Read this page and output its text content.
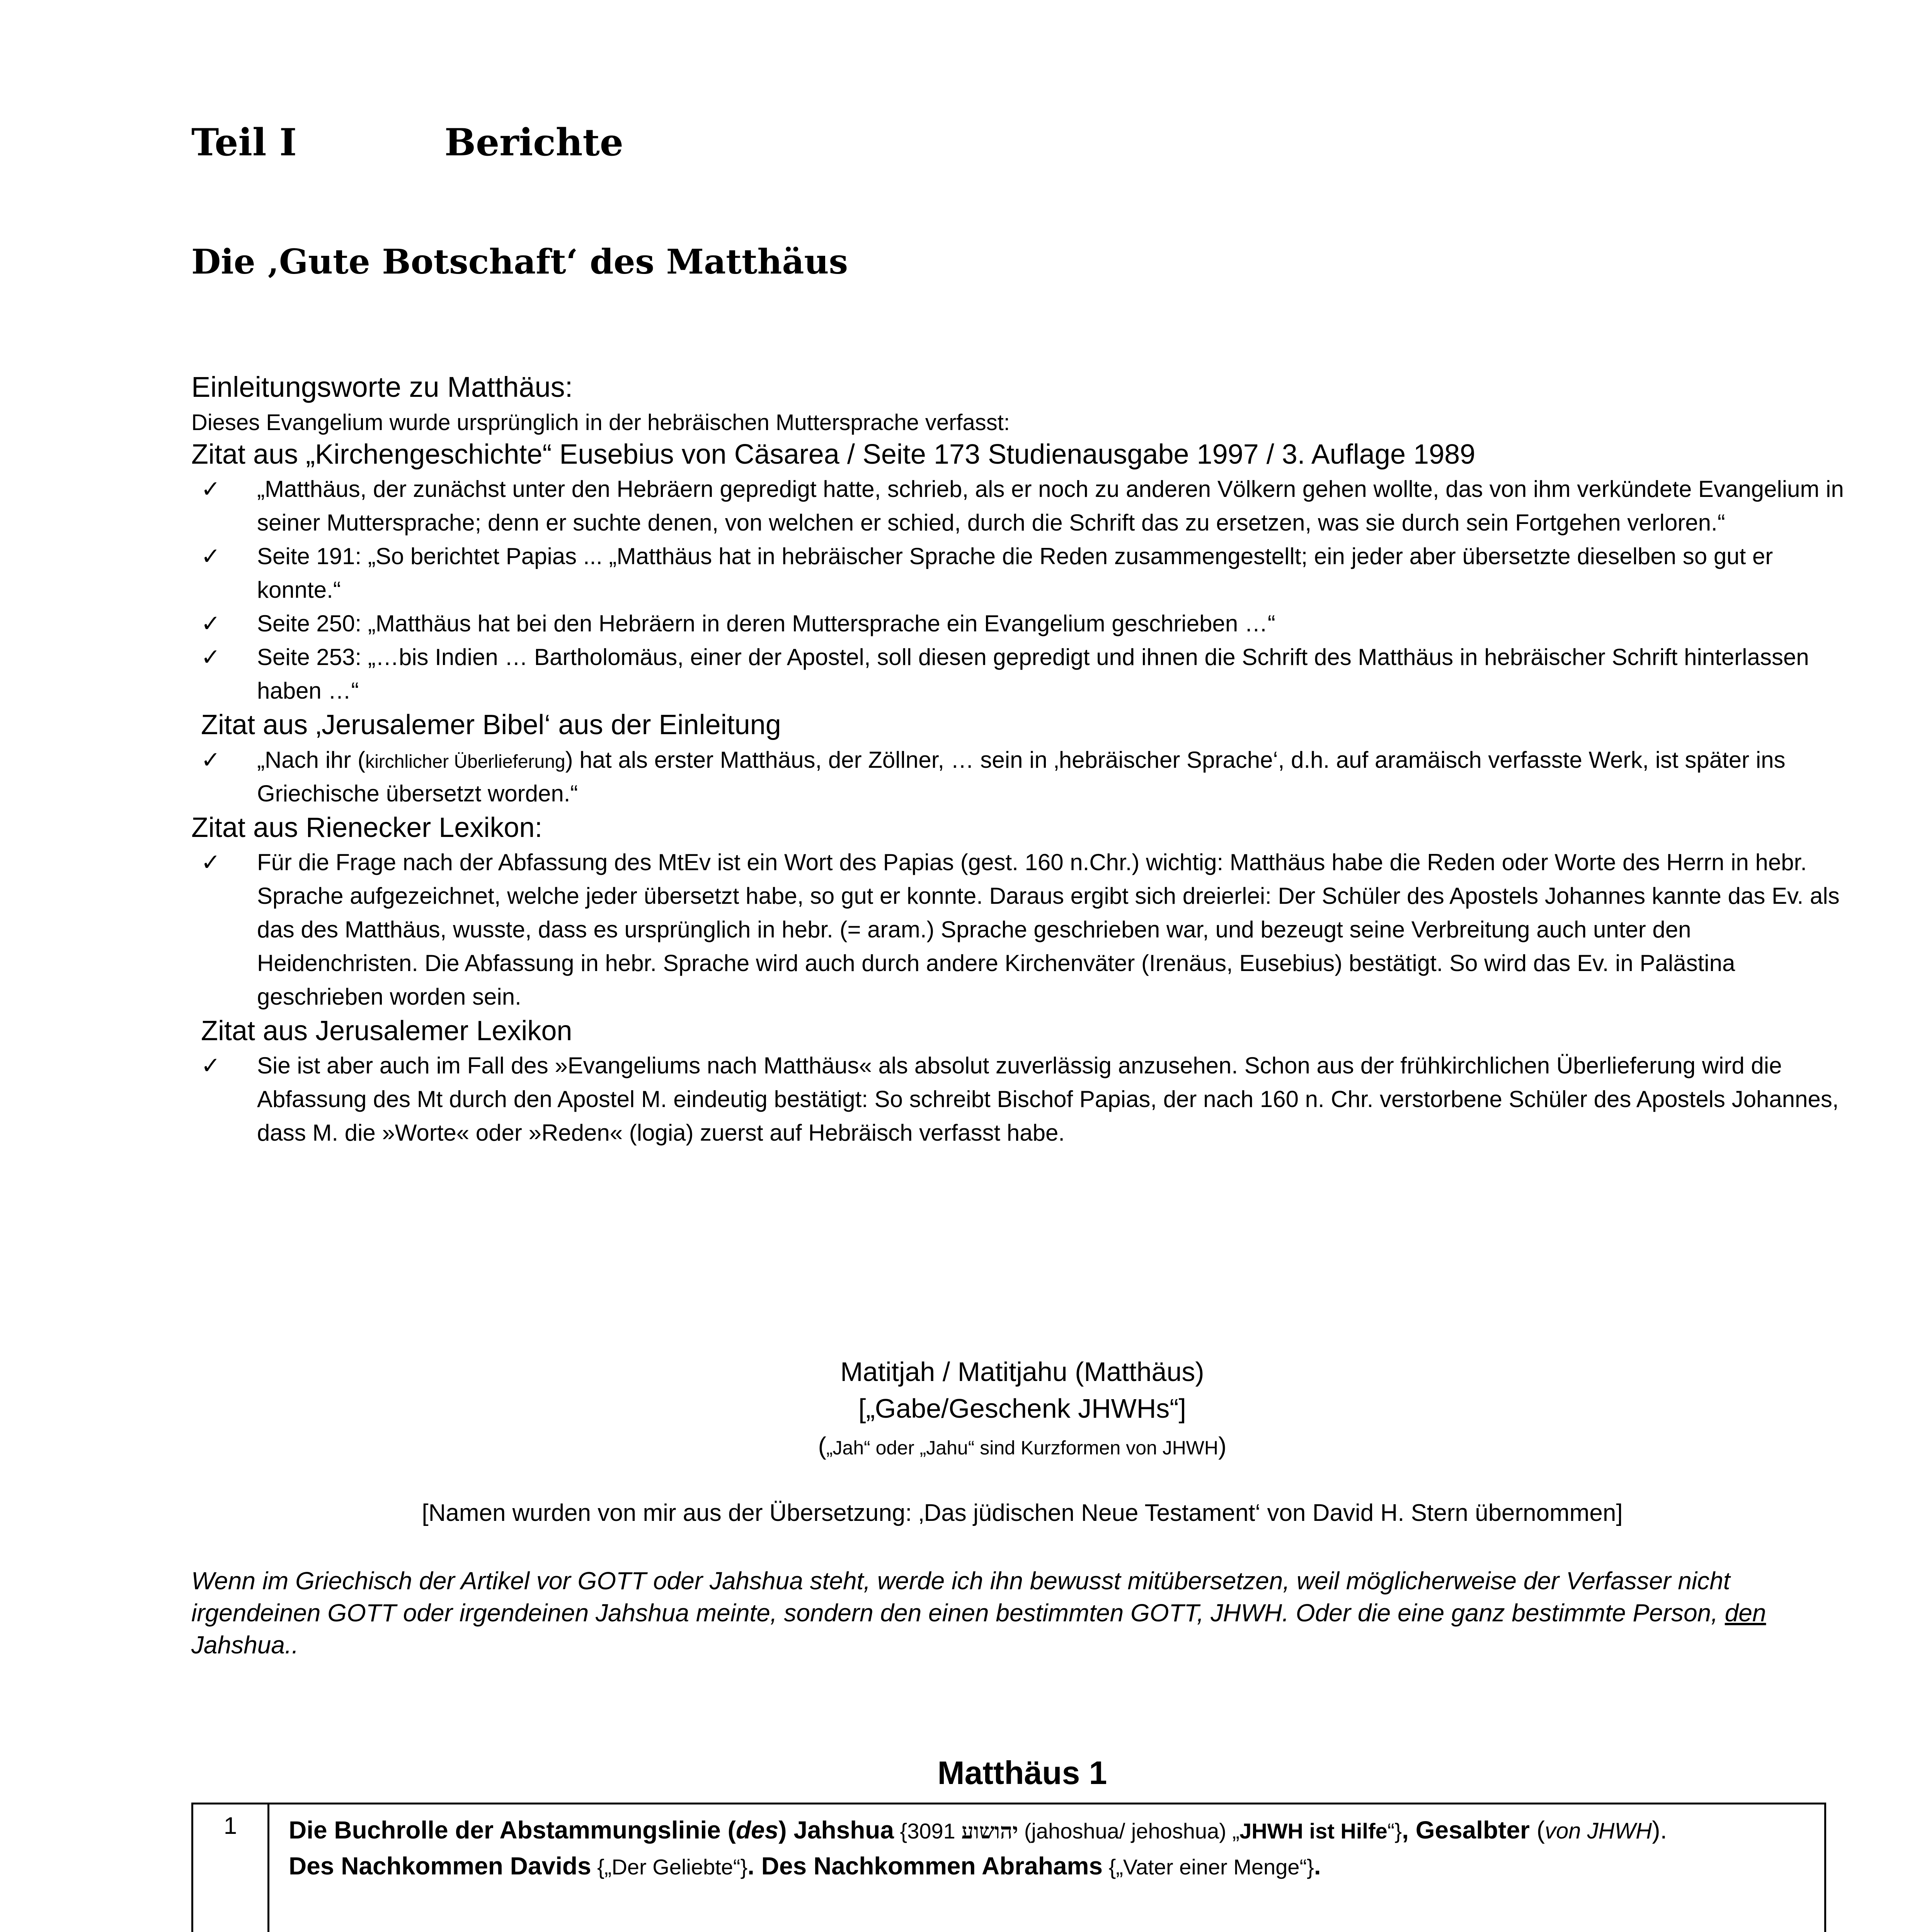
Teil I	Berichte
Die ‚Gute Botschaft‘ des Matthäus

Einleitungsworte zu Matthäus:

Dieses Evangelium wurde ursprünglich in der hebräischen Muttersprache verfasst:

Zitat aus „Kirchengeschichte“ Eusebius von Cäsarea / Seite 173 Studienausgabe 1997 / 3. Auflage 1989

✓	„Matthäus, der zunächst unter den Hebräern gepredigt hatte, schrieb, als er noch zu anderen Völkern gehen wollte, das von ihm verkündete Evangelium in seiner Muttersprache; denn er suchte denen, von welchen er schied, durch die Schrift das zu ersetzen, was sie durch sein Fortgehen verloren.“
✓	Seite 191: „So berichtet Papias ... „Matthäus hat in hebräischer Sprache die Reden zusammengestellt; ein jeder aber übersetzte dieselben so gut er konnte.“
✓	Seite 250: „Matthäus hat bei den Hebräern in deren Muttersprache ein Evangelium geschrieben …“
✓	Seite 253: „…bis Indien … Bartholomäus, einer der Apostel, soll diesen gepredigt und ihnen die Schrift des Matthäus in hebräischer Schrift hinterlassen haben …“

Zitat aus ‚Jerusalemer Bibel‘ aus der Einleitung

✓	„Nach ihr (kirchlicher Überlieferung) hat als erster Matthäus, der Zöllner, … sein in ‚hebräischer Sprache‘, d.h. auf aramäisch verfasste Werk, ist später ins Griechische übersetzt worden.“

Zitat aus Rienecker Lexikon:

✓	Für die Frage nach der Abfassung des MtEv ist ein Wort des Papias (gest. 160 n.Chr.) wichtig: Matthäus habe die Reden oder Worte des Herrn in hebr. Sprache aufgezeichnet, welche jeder übersetzt habe, so gut er konnte. Daraus ergibt sich dreierlei: Der Schüler des Apostels Johannes kannte das Ev. als das des Matthäus, wusste, dass es ursprünglich in hebr. (= aram.) Sprache geschrieben war, und bezeugt seine Verbreitung auch unter den Heidenchristen. Die Abfassung in hebr. Sprache wird auch durch andere Kirchenväter (Irenäus, Eusebius) bestätigt. So wird das Ev. in Palästina geschrieben worden sein.

Zitat aus Jerusalemer Lexikon

✓	Sie ist aber auch im Fall des »Evangeliums nach Matthäus« als absolut zuverlässig anzusehen. Schon aus der frühkirchlichen Überlieferung wird die Abfassung des Mt durch den Apostel M. eindeutig bestätigt: So schreibt Bischof Papias, der nach 160 n. Chr. verstorbene Schüler des Apostels Johannes, dass M. die »Worte« oder »Reden« (logia) zuerst auf Hebräisch verfasst habe.
Matitjah / Matitjahu (Matthäus)
[„Gabe/Geschenk JHWHs“]
(„Jah“ oder „Jahu“ sind Kurzformen von JHWH)
[Namen wurden von mir aus der Übersetzung: ‚Das jüdischen Neue Testament‘ von David H. Stern übernommen]
Wenn im Griechisch der Artikel vor GOTT oder Jahshua steht, werde ich ihn bewusst mitübersetzen, weil möglicherweise der Verfasser nicht irgendeinen GOTT oder irgendeinen Jahshua meinte, sondern den einen bestimmten GOTT, JHWH. Oder die eine ganz bestimmte Person, den Jahshua..
Matthäus 1
1	Die Buchrolle der Abstammungslinie (des) Jahshua {3091 יהושוע (jahoshua/ jehoshua) „JHWH ist Hilfe“}, Gesalbter (von JHWH).
Des Nachkommen Davids {„Der Geliebte“}. Des Nachkommen Abrahams {„Vater einer Menge“}.
